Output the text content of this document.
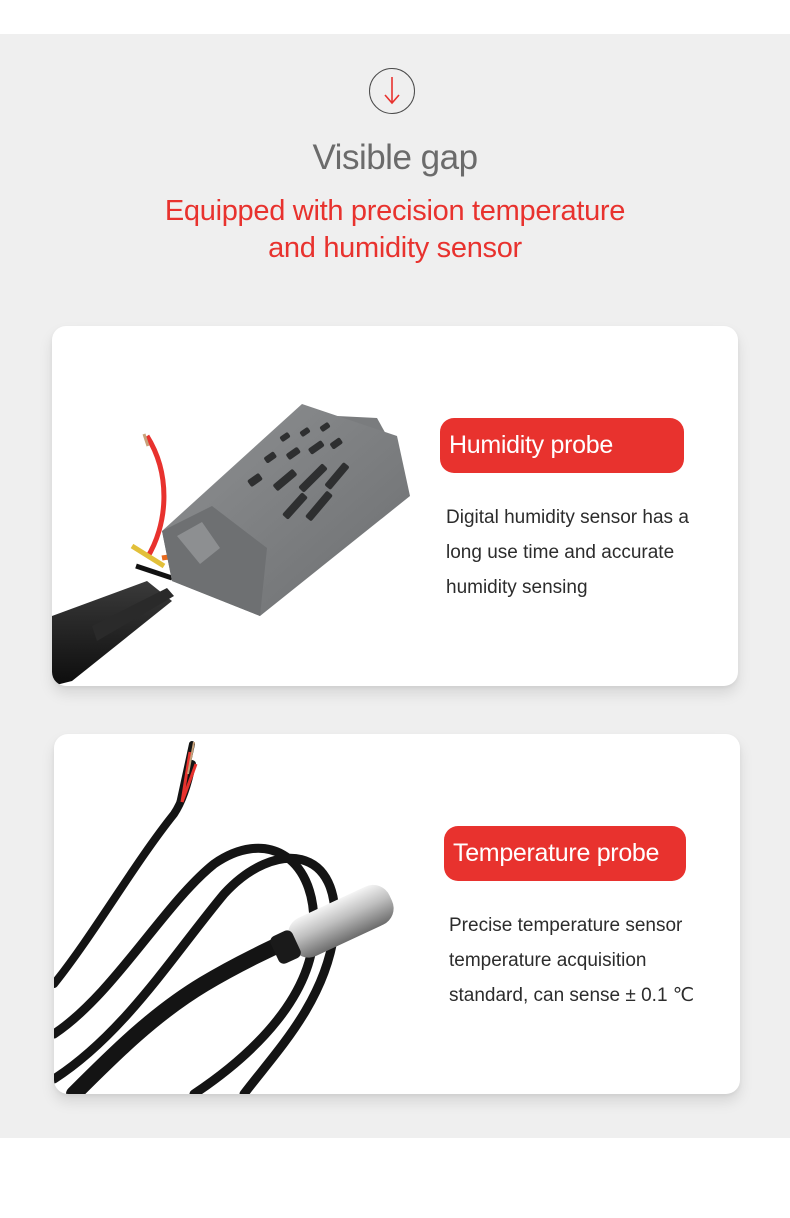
Visible gap
Equipped with precision temperature
and humidity sensor
Humidity probe
Digital humidity sensor has a
long use time and accurate
humidity sensing
Temperature probe
Precise temperature sensor
temperature acquisition
standard, can sense ± 0.1 ℃
